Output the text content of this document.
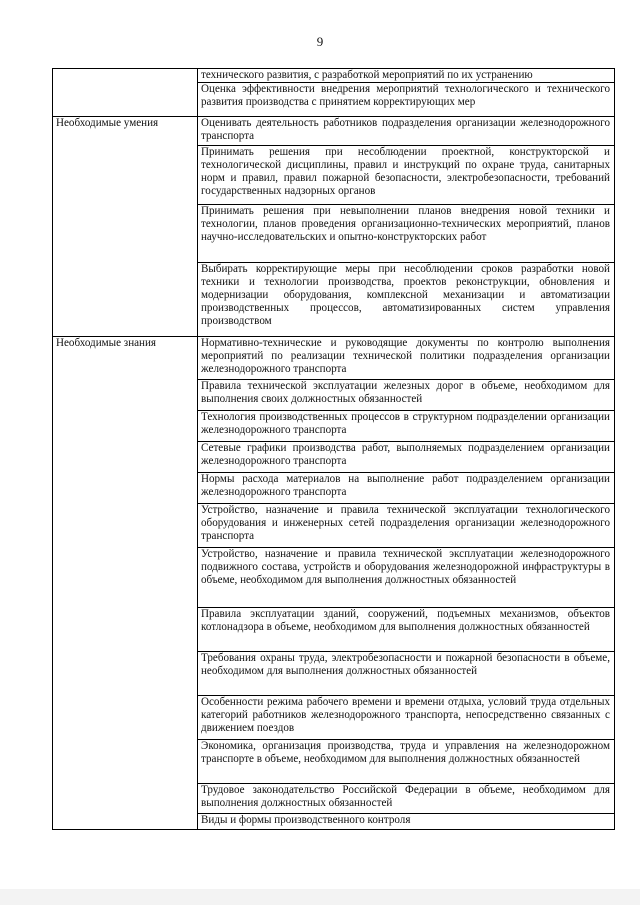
9
	технического развития, с разработкой мероприятий по их устранению
	Оценка эффективности внедрения мероприятий технологического и технического развития производства с принятием корректирующих мер
Необходимые умения	Оценивать деятельность работников подразделения организации железнодорожного транспорта
	Принимать решения при несоблюдении проектной, конструкторской и технологической дисциплины, правил и инструкций по охране труда, санитарных норм и правил, правил пожарной безопасности, электробезопасности, требований государственных надзорных органов
	Принимать решения при невыполнении планов внедрения новой техники и технологии, планов проведения организационно-технических мероприятий, планов научно-исследовательских и опытно-конструкторских работ
	Выбирать корректирующие меры при несоблюдении сроков разработки новой техники и технологии производства, проектов реконструкции, обновления и модернизации оборудования, комплексной механизации и автоматизации производственных процессов, автоматизированных систем управления производством
Необходимые знания	Нормативно-технические и руководящие документы по контролю выполнения мероприятий по реализации технической политики подразделения организации железнодорожного транспорта
	Правила технической эксплуатации железных дорог в объеме, необходимом для выполнения своих должностных обязанностей
	Технология производственных процессов в структурном подразделении организации железнодорожного транспорта
	Сетевые графики производства работ, выполняемых подразделением организации железнодорожного транспорта
	Нормы расхода материалов на выполнение работ подразделением организации железнодорожного транспорта
	Устройство, назначение и правила технической эксплуатации технологического оборудования и инженерных сетей подразделения организации железнодорожного транспорта
	Устройство, назначение и правила технической эксплуатации железнодорожного подвижного состава, устройств и оборудования железнодорожной инфраструктуры в объеме, необходимом для выполнения должностных обязанностей
	Правила эксплуатации зданий, сооружений, подъемных механизмов, объектов котлонадзора в объеме, необходимом для выполнения должностных обязанностей
	Требования охраны труда, электробезопасности и пожарной безопасности в объеме, необходимом для выполнения должностных обязанностей
	Особенности режима рабочего времени и времени отдыха, условий труда отдельных категорий работников железнодорожного транспорта, непосредственно связанных с движением поездов
	Экономика, организация производства, труда и управления на железнодорожном транспорте в объеме, необходимом для выполнения должностных обязанностей
	Трудовое законодательство Российской Федерации в объеме, необходимом для выполнения должностных обязанностей
	Виды и формы производственного контроля
